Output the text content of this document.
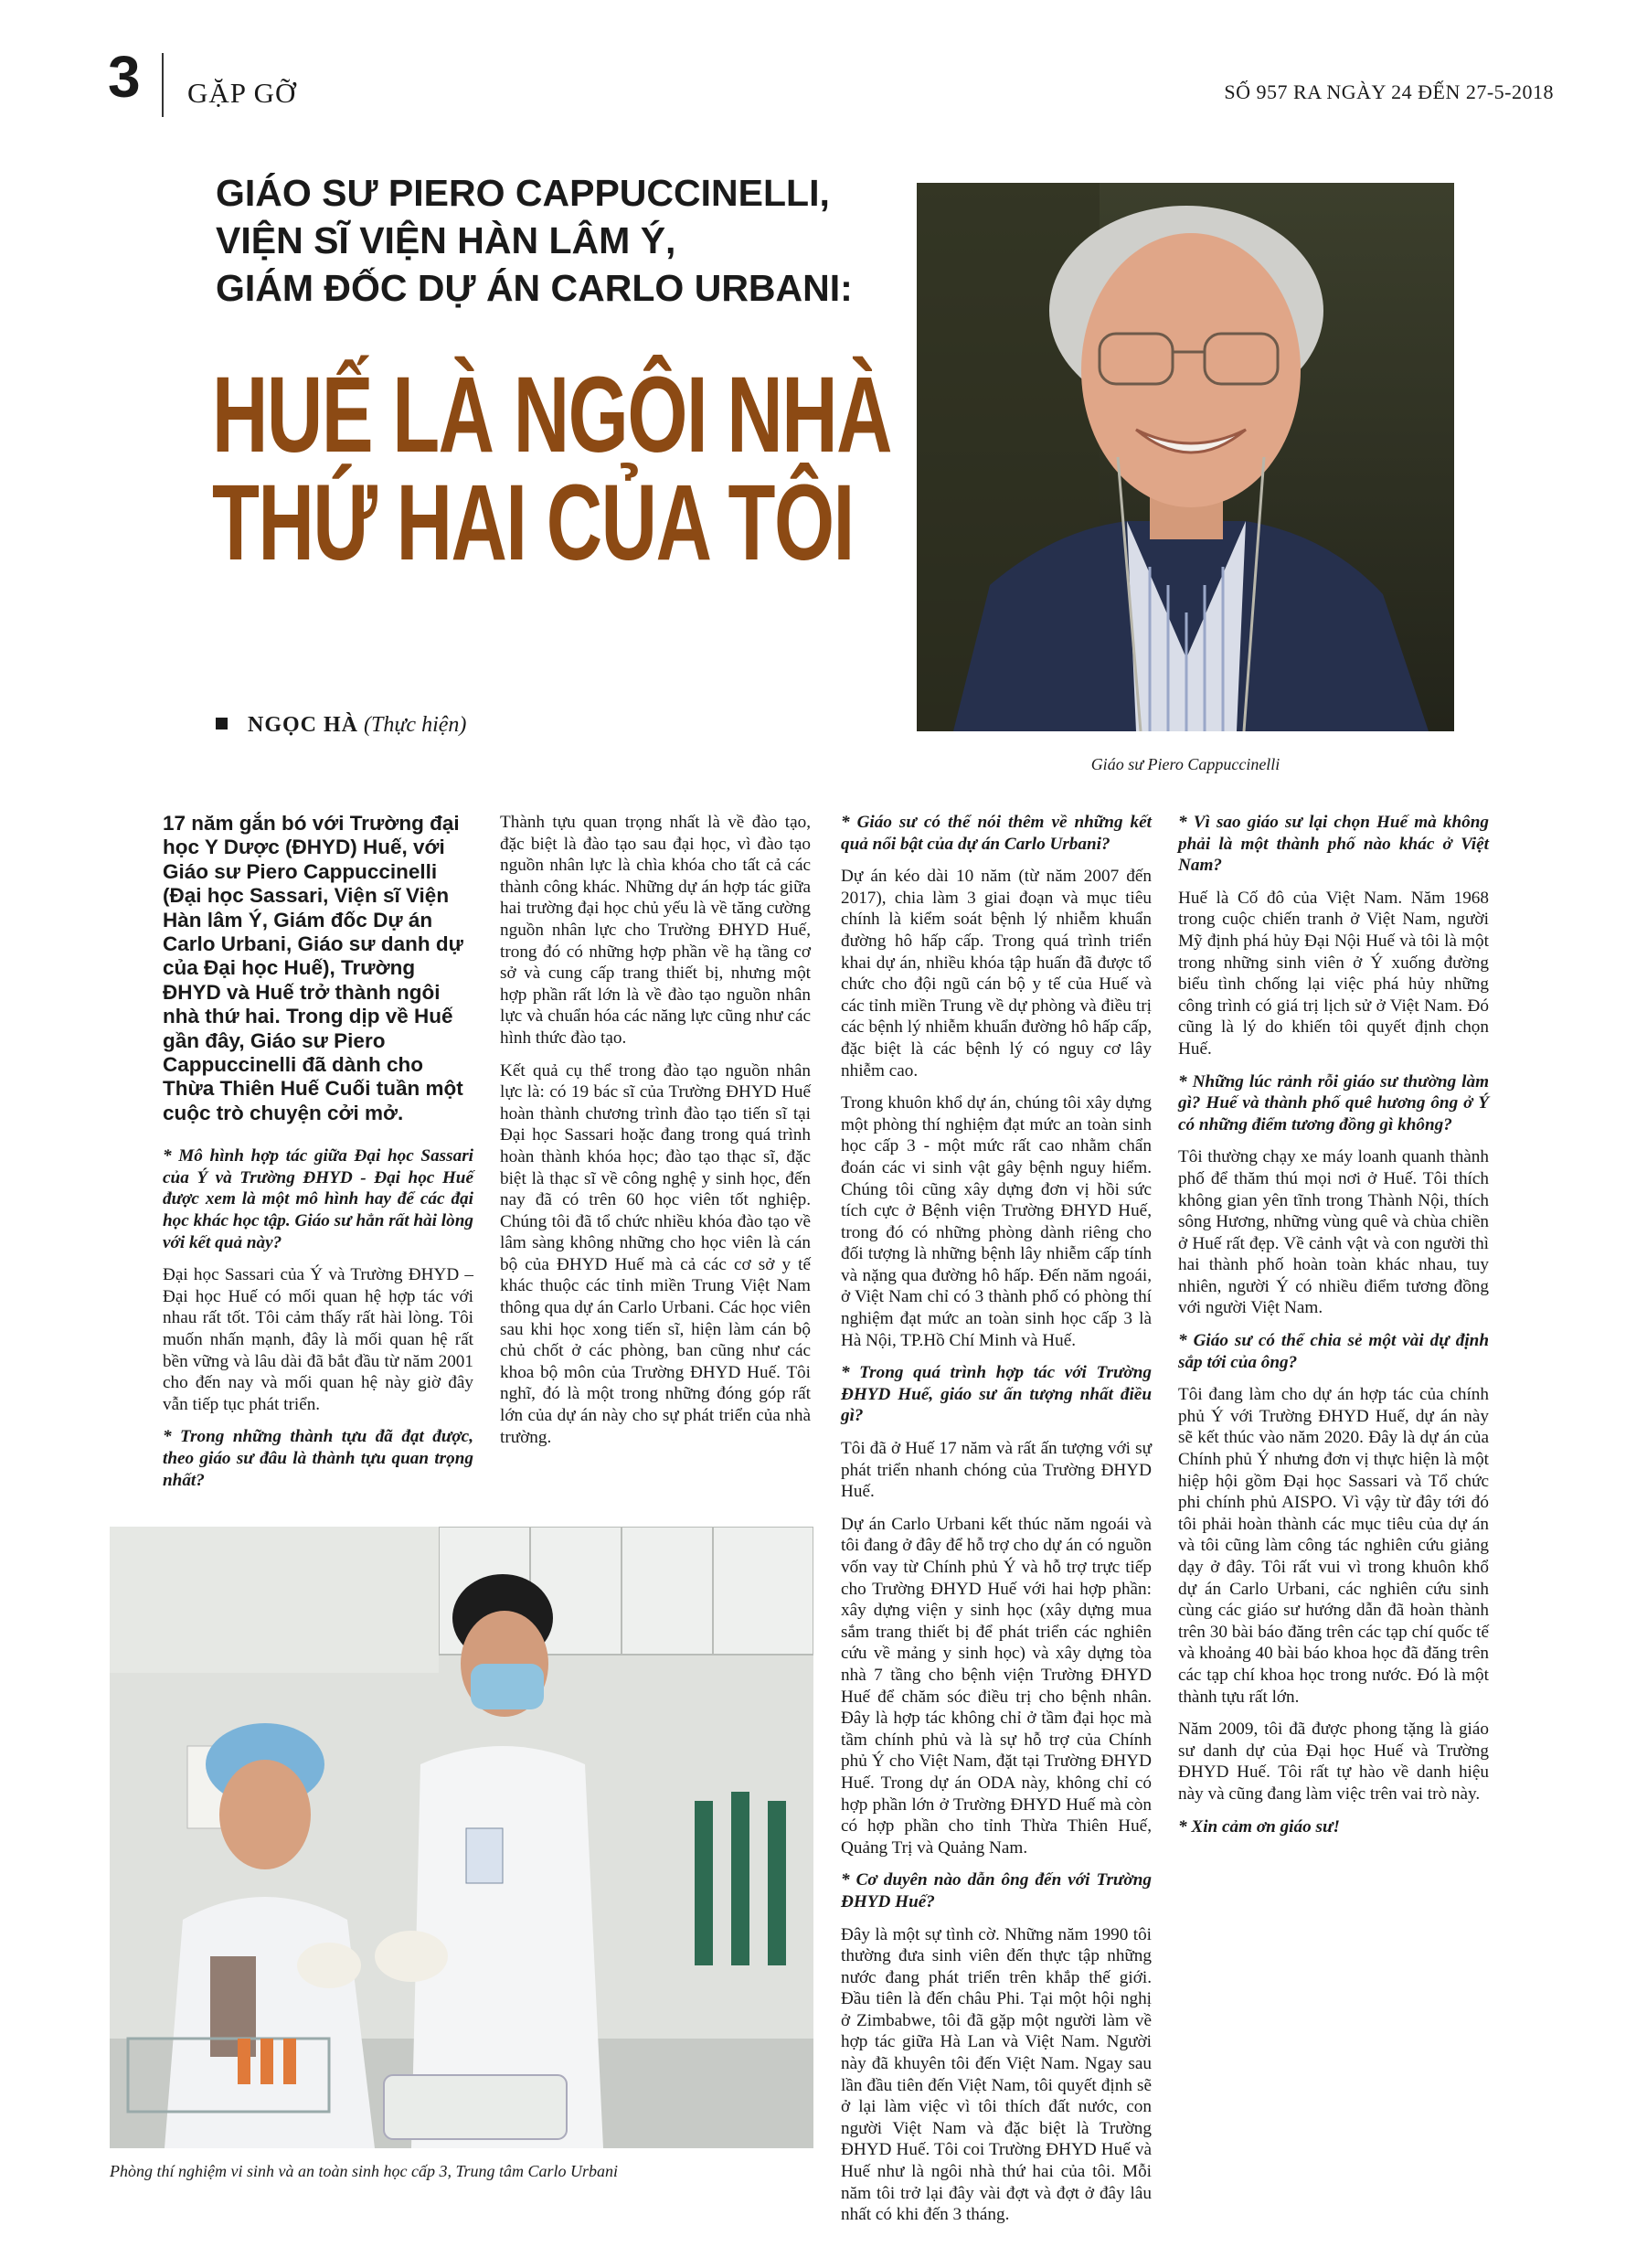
3 GẶP GỠ	SỐ 957 RA NGÀY 24 ĐẾN 27-5-2018
GIÁO SƯ PIERO CAPPUCCINELLI,
VIỆN SĨ VIỆN HÀN LÂM Ý,
GIÁM ĐỐC DỰ ÁN CARLO URBANI:
HUẾ LÀ NGÔI NHÀ
THỨ HAI CỦA TÔI
NGỌC HÀ (Thực hiện)
Giáo sư Piero Cappuccinelli

17 năm gắn bó với Trường đại học Y Dược (ĐHYD) Huế, với Giáo sư Piero Cappuccinelli (Đại học Sassari, Viện sĩ Viện Hàn lâm Ý, Giám đốc Dự án Carlo Urbani, Giáo sư danh dự của Đại học Huế), Trường ĐHYD và Huế trở thành ngôi nhà thứ hai. Trong dịp về Huế gần đây, Giáo sư Piero Cappuccinelli đã dành cho Thừa Thiên Huế Cuối tuần một cuộc trò chuyện cởi mở.

* Mô hình hợp tác giữa Đại học Sassari của Ý và Trường ĐHYD - Đại học Huế được xem là một mô hình hay để các đại học khác học tập. Giáo sư hẳn rất hài lòng với kết quả này?

Đại học Sassari của Ý và Trường ĐHYD – Đại học Huế có mối quan hệ hợp tác với nhau rất tốt. Tôi cảm thấy rất hài lòng. Tôi muốn nhấn mạnh, đây là mối quan hệ rất bền vững và lâu dài đã bắt đầu từ năm 2001 cho đến nay và mối quan hệ này giờ đây vẫn tiếp tục phát triển.

* Trong những thành tựu đã đạt được, theo giáo sư đâu là thành tựu quan trọng nhất?

Thành tựu quan trọng nhất là về đào tạo, đặc biệt là đào tạo sau đại học, vì đào tạo nguồn nhân lực là chìa khóa cho tất cả các thành công khác. Những dự án hợp tác giữa hai trường đại học chủ yếu là về tăng cường nguồn nhân lực cho Trường ĐHYD Huế, trong đó có những hợp phần về hạ tầng cơ sở và cung cấp trang thiết bị, nhưng một hợp phần rất lớn là về đào tạo nguồn nhân lực và chuẩn hóa các năng lực cũng như các hình thức đào tạo.

Kết quả cụ thể trong đào tạo nguồn nhân lực là: có 19 bác sĩ của Trường ĐHYD Huế hoàn thành chương trình đào tạo tiến sĩ tại Đại học Sassari hoặc đang trong quá trình hoàn thành khóa học; đào tạo thạc sĩ, đặc biệt là thạc sĩ về công nghệ y sinh học, đến nay đã có trên 60 học viên tốt nghiệp. Chúng tôi đã tổ chức nhiều khóa đào tạo về lâm sàng không những cho học viên là cán bộ của ĐHYD Huế mà cả các cơ sở y tế khác thuộc các tỉnh miền Trung Việt Nam thông qua dự án Carlo Urbani. Các học viên sau khi học xong tiến sĩ, hiện làm cán bộ chủ chốt ở các phòng, ban cũng như các khoa bộ môn của Trường ĐHYD Huế. Tôi nghĩ, đó là một trong những đóng góp rất lớn của dự án này cho sự phát triển của nhà trường.

* Giáo sư có thể nói thêm về những kết quả nổi bật của dự án Carlo Urbani?

Dự án kéo dài 10 năm (từ năm 2007 đến 2017), chia làm 3 giai đoạn và mục tiêu chính là kiểm soát bệnh lý nhiễm khuẩn đường hô hấp cấp. Trong quá trình triển khai dự án, nhiều khóa tập huấn đã được tổ chức cho đội ngũ cán bộ y tế của Huế và các tỉnh miền Trung về dự phòng và điều trị các bệnh lý nhiễm khuẩn đường hô hấp cấp, đặc biệt là các bệnh lý có nguy cơ lây nhiễm cao.

Trong khuôn khổ dự án, chúng tôi xây dựng một phòng thí nghiệm đạt mức an toàn sinh học cấp 3 - một mức rất cao nhằm chẩn đoán các vi sinh vật gây bệnh nguy hiểm. Chúng tôi cũng xây dựng đơn vị hồi sức tích cực ở Bệnh viện Trường ĐHYD Huế, trong đó có những phòng dành riêng cho đối tượng là những bệnh lây nhiễm cấp tính và nặng qua đường hô hấp. Đến năm ngoái, ở Việt Nam chỉ có 3 thành phố có phòng thí nghiệm đạt mức an toàn sinh học cấp 3 là Hà Nội, TP.Hồ Chí Minh và Huế.

* Trong quá trình hợp tác với Trường ĐHYD Huế, giáo sư ấn tượng nhất điều gì?

Tôi đã ở Huế 17 năm và rất ấn tượng với sự phát triển nhanh chóng của Trường ĐHYD Huế.

Dự án Carlo Urbani kết thúc năm ngoái và tôi đang ở đây để hỗ trợ cho dự án có nguồn vốn vay từ Chính phủ Ý và hỗ trợ trực tiếp cho Trường ĐHYD Huế với hai hợp phần: xây dựng viện y sinh học (xây dựng mua sắm trang thiết bị để phát triển các nghiên cứu về mảng y sinh học) và xây dựng tòa nhà 7 tầng cho bệnh viện Trường ĐHYD Huế để chăm sóc điều trị cho bệnh nhân. Đây là hợp tác không chỉ ở tầm đại học mà tầm chính phủ và là sự hỗ trợ của Chính phủ Ý cho Việt Nam, đặt tại Trường ĐHYD Huế. Trong dự án ODA này, không chỉ có hợp phần lớn ở Trường ĐHYD Huế mà còn có hợp phần cho tỉnh Thừa Thiên Huế, Quảng Trị và Quảng Nam.

* Cơ duyên nào dẫn ông đến với Trường ĐHYD Huế?

Đây là một sự tình cờ. Những năm 1990 tôi thường đưa sinh viên đến thực tập những nước đang phát triển trên khắp thế giới. Đầu tiên là đến châu Phi. Tại một hội nghị ở Zimbabwe, tôi đã gặp một người làm về hợp tác giữa Hà Lan và Việt Nam. Người này đã khuyên tôi đến Việt Nam. Ngay sau lần đầu tiên đến Việt Nam, tôi quyết định sẽ ở lại làm việc vì tôi thích đất nước, con người Việt Nam và đặc biệt là Trường ĐHYD Huế. Tôi coi Trường ĐHYD Huế và Huế như là ngôi nhà thứ hai của tôi. Mỗi năm tôi trở lại đây vài đợt và đợt ở đây lâu nhất có khi đến 3 tháng.

* Vì sao giáo sư lại chọn Huế mà không phải là một thành phố nào khác ở Việt Nam?

Huế là Cố đô của Việt Nam. Năm 1968 trong cuộc chiến tranh ở Việt Nam, người Mỹ định phá hủy Đại Nội Huế và tôi là một trong những sinh viên ở Ý xuống đường biểu tình chống lại việc phá hủy những công trình có giá trị lịch sử ở Việt Nam. Đó cũng là lý do khiến tôi quyết định chọn Huế.

* Những lúc rảnh rỗi giáo sư thường làm gì? Huế và thành phố quê hương ông ở Ý có những điểm tương đồng gì không?

Tôi thường chạy xe máy loanh quanh thành phố để thăm thú mọi nơi ở Huế. Tôi thích không gian yên tĩnh trong Thành Nội, thích sông Hương, những vùng quê và chùa chiền ở Huế rất đẹp. Về cảnh vật và con người thì hai thành phố hoàn toàn khác nhau, tuy nhiên, người Ý có nhiều điểm tương đồng với người Việt Nam.

* Giáo sư có thể chia sẻ một vài dự định sắp tới của ông?

Tôi đang làm cho dự án hợp tác của chính phủ Ý với Trường ĐHYD Huế, dự án này sẽ kết thúc vào năm 2020. Đây là dự án của Chính phủ Ý nhưng đơn vị thực hiện là một hiệp hội gồm Đại học Sassari và Tổ chức phi chính phủ AISPO. Vì vậy từ đây tới đó tôi phải hoàn thành các mục tiêu của dự án và tôi cũng làm công tác nghiên cứu giảng dạy ở đây. Tôi rất vui vì trong khuôn khổ dự án Carlo Urbani, các nghiên cứu sinh cùng các giáo sư hướng dẫn đã hoàn thành trên 30 bài báo đăng trên các tạp chí quốc tế và khoảng 40 bài báo khoa học đã đăng trên các tạp chí khoa học trong nước. Đó là một thành tựu rất lớn.

Năm 2009, tôi đã được phong tặng là giáo sư danh dự của Đại học Huế và Trường ĐHYD Huế. Tôi rất tự hào về danh hiệu này và cũng đang làm việc trên vai trò này.

* Xin cảm ơn giáo sư!

Phòng thí nghiệm vi sinh và an toàn sinh học cấp 3, Trung tâm Carlo Urbani
